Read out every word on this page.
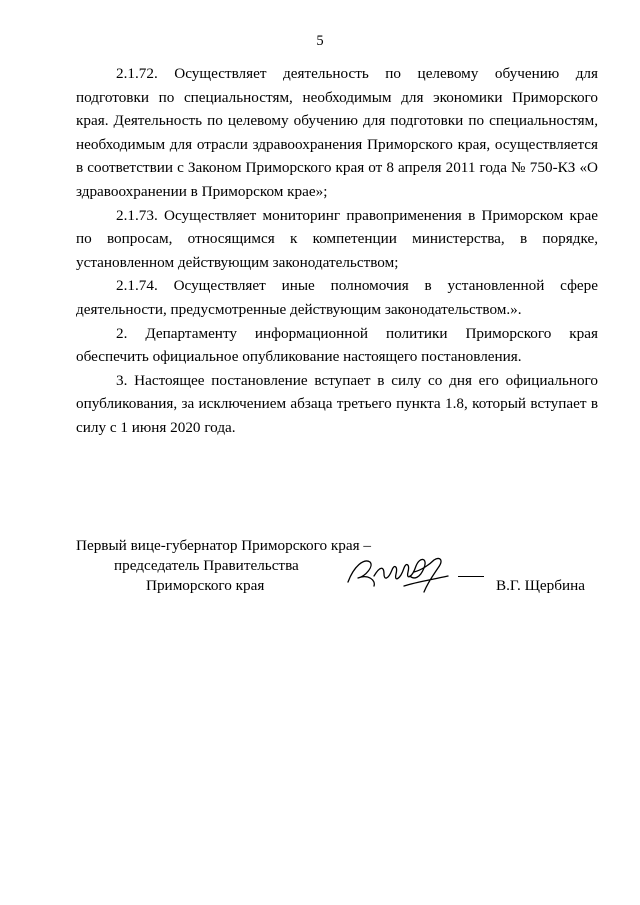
5

2.1.72. Осуществляет деятельность по целевому обучению для подготовки по специальностям, необходимым для экономики Приморского края. Деятельность по целевому обучению для подготовки по специальностям, необходимым для отрасли здравоохранения Приморского края, осуществляется в соответствии с Законом Приморского края от 8 апреля 2011 года № 750-КЗ «О здравоохранении в Приморском крае»;

2.1.73. Осуществляет мониторинг правоприменения в Приморском крае по вопросам, относящимся к компетенции министерства, в порядке, установленном действующим законодательством;

2.1.74. Осуществляет иные полномочия в установленной сфере деятельности, предусмотренные действующим законодательством.».

2. Департаменту информационной политики Приморского края обеспечить официальное опубликование настоящего постановления.

3. Настоящее постановление вступает в силу со дня его официального опубликования, за исключением абзаца третьего пункта 1.8, который вступает в силу с 1 июня 2020 года.

Первый вице-губернатор Приморского края –
председатель Правительства
Приморского края	В.Г. Щербина
